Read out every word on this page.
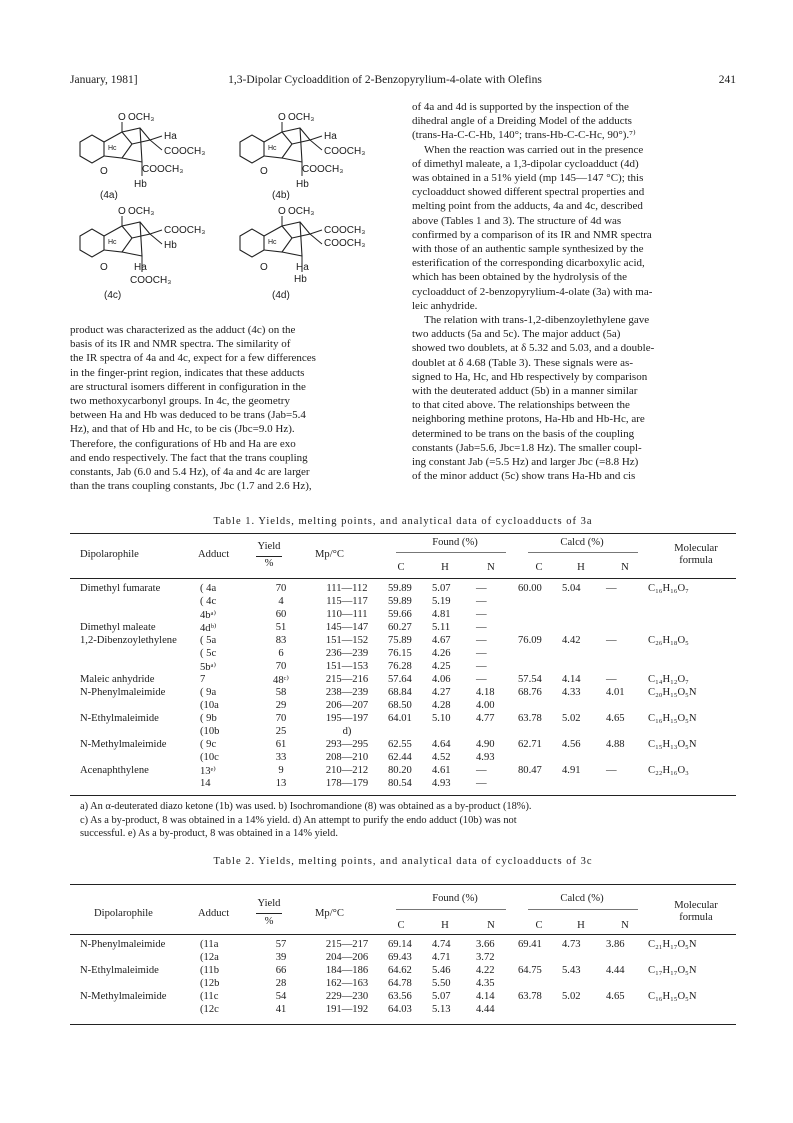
January, 1981]	1,3-Dipolar Cycloaddition of 2-Benzopyrylium-4-olate with Olefins	241
O OCH₃
Ha
COOCH₃
COOCH₃
Hb
Hc
O
(4a)
O OCH₃
Ha
COOCH₃
COOCH₃
Hb
Hc
O
(4b)
O OCH₃
COOCH₃
Hb
Ha
COOCH₃
Hc
O
(4c)
O OCH₃
COOCH₃
COOCH₃
Ha
Hb
Hc
O
(4d)

product was characterized as the adduct (4c) on the

basis of its IR and NMR spectra. The similarity of

the IR spectra of 4a and 4c, expect for a few differences

in the finger-print region, indicates that these adducts

are structural isomers different in configuration in the

two methoxycarbonyl groups. In 4c, the geometry

between Ha and Hb was deduced to be trans (Jab=5.4

Hz), and that of Hb and Hc, to be cis (Jbc=9.0 Hz).

Therefore, the configurations of Hb and Ha are exo

and endo respectively. The fact that the trans coupling

constants, Jab (6.0 and 5.4 Hz), of 4a and 4c are larger

than the trans coupling constants, Jbc (1.7 and 2.6 Hz),

of 4a and 4d is supported by the inspection of the

dihedral angle of a Dreiding Model of the adducts

(trans-Ha-C-C-Hb, 140°; trans-Hb-C-C-Hc, 90°).⁷⁾

When the reaction was carried out in the presence

of dimethyl maleate, a 1,3-dipolar cycloadduct (4d)

was obtained in a 51% yield (mp 145—147 °C); this

cycloadduct showed different spectral properties and

melting point from the adducts, 4a and 4c, described

above (Tables 1 and 3). The structure of 4d was

confirmed by a comparison of its IR and NMR spectra

with those of an authentic sample synthesized by the

esterification of the corresponding dicarboxylic acid,

which has been obtained by the hydrolysis of the

cycloadduct of 2-benzopyrylium-4-olate (3a) with ma-

leic anhydride.

The relation with trans-1,2-dibenzoylethylene gave

two adducts (5a and 5c). The major adduct (5a)

showed two doublets, at δ 5.32 and 5.03, and a double-

doublet at δ 4.68 (Table 3). These signals were as-

signed to Ha, Hc, and Hb respectively by comparison

with the deuterated adduct (5b) in a manner similar

to that cited above. The relationships between the

neighboring methine protons, Ha-Hb and Hb-Hc, are

determined to be trans on the basis of the coupling

constants (Jab=5.6, Jbc=1.8 Hz). The smaller coupl-

ing constant Jab (=5.5 Hz) and larger Jbc (=8.8 Hz)

of the minor adduct (5c) show trans Ha-Hb and cis

Table 1. Yields, melting points, and analytical data of cycloadducts of 3a
Dipolarophile	Adduct
Yield
%
Mp/°C
Found (%)
C	H	N
Calcd (%)
C	H	N
Molecular
formula
Dimethyl fumarate	( 4a	70	111—112	59.89	5.07	—	60.00	5.04	—	C₁₆H₁₆O₇
	( 4c	4	115—117	59.89	5.19	—				
	4bᵃ⁾	60	110—111	59.66	4.81	—				
Dimethyl maleate	4dᵇ⁾	51	145—147	60.27	5.11	—				
1,2-Dibenzoylethylene	( 5a	83	151—152	75.89	4.67	—	76.09	4.42	—	C₂₆H₁₈O₅
	( 5c	6	236—239	76.15	4.26	—				
	5bᵃ⁾	70	151—153	76.28	4.25	—				
Maleic anhydride	7	48ᶜ⁾	215—216	57.64	4.06	—	57.54	4.14	—	C₁₄H₁₂O₇
N-Phenylmaleimide	( 9a	58	238—239	68.84	4.27	4.18	68.76	4.33	4.01	C₂₀H₁₅O₅N
	(10a	29	206—207	68.50	4.28	4.00				
N-Ethylmaleimide	( 9b	70	195—197	64.01	5.10	4.77	63.78	5.02	4.65	C₁₆H₁₅O₅N
	(10b	25	d)							
N-Methylmaleimide	( 9c	61	293—295	62.55	4.64	4.90	62.71	4.56	4.88	C₁₅H₁₃O₅N
	(10c	33	208—210	62.44	4.52	4.93				
Acenaphthylene	13ᵉ⁾	9	210—212	80.20	4.61	—	80.47	4.91	—	C₂₂H₁₆O₃
	14	13	178—179	80.54	4.93	—				
a) An α-deuterated diazo ketone (1b) was used. b) Isochromandione (8) was obtained as a by-product (18%).
c) As a by-product, 8 was obtained in a 14% yield. d) An attempt to purify the endo adduct (10b) was not
successful. e) As a by-product, 8 was obtained in a 14% yield.
Table 2. Yields, melting points, and analytical data of cycloadducts of 3c
Dipolarophile	Adduct
Yield
%
Mp/°C
Found (%)
C	H	N
Calcd (%)
C	H	N
Molecular
formula
N-Phenylmaleimide	(11a	57	215—217	69.14	4.74	3.66	69.41	4.73	3.86	C₂₁H₁₇O₅N
	(12a	39	204—206	69.43	4.71	3.72				
N-Ethylmaleimide	(11b	66	184—186	64.62	5.46	4.22	64.75	5.43	4.44	C₁₇H₁₇O₅N
	(12b	28	162—163	64.78	5.50	4.35				
N-Methylmaleimide	(11c	54	229—230	63.56	5.07	4.14	63.78	5.02	4.65	C₁₆H₁₅O₅N
	(12c	41	191—192	64.03	5.13	4.44				
